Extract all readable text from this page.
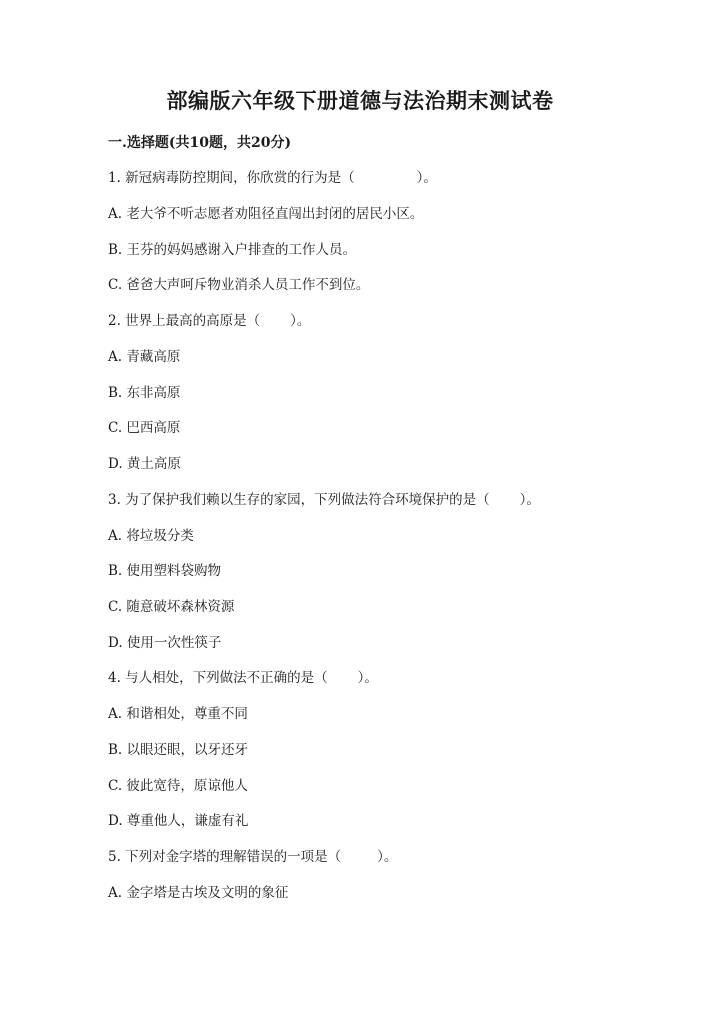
部编版六年级下册道德与法治期末测试卷

一.选择题(共10题，共20分)

1. 新冠病毒防控期间，你欣赏的行为是（	）。

A. 老大爷不听志愿者劝阻径直闯出封闭的居民小区。

B. 王芬的妈妈感谢入户排查的工作人员。

C. 爸爸大声呵斥物业消杀人员工作不到位。

2. 世界上最高的高原是（ ）。

A. 青藏高原

B. 东非高原

C. 巴西高原

D. 黄土高原

3. 为了保护我们赖以生存的家园，下列做法符合环境保护的是（ ）。

A. 将垃圾分类

B. 使用塑料袋购物

C. 随意破坏森林资源

D. 使用一次性筷子

4. 与人相处，下列做法不正确的是（ ）。

A. 和谐相处，尊重不同

B. 以眼还眼，以牙还牙

C. 彼此宽待，原谅他人

D. 尊重他人，谦虚有礼

5. 下列对金字塔的理解错误的一项是（	）。

A. 金字塔是古埃及文明的象征
